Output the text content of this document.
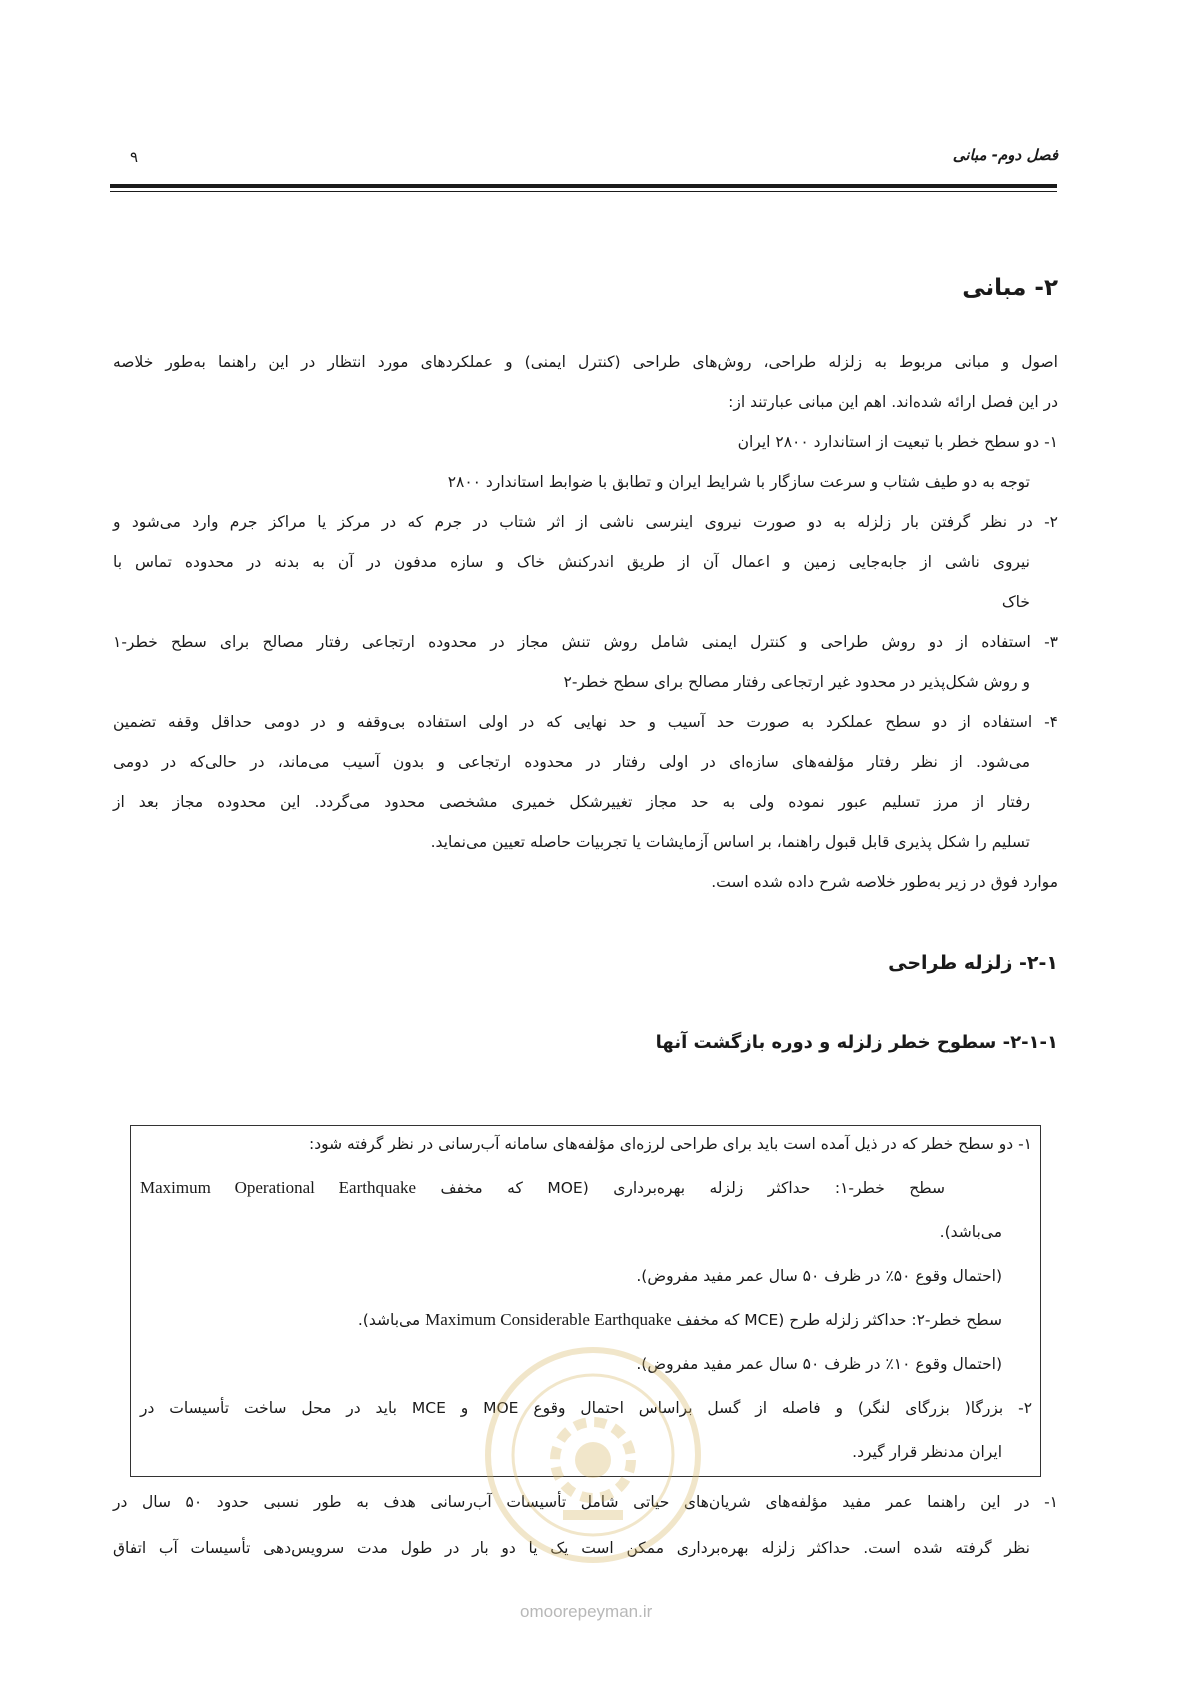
فصل دوم- مبانی
۹
۲- مبانی
اصول و مبانی مربوط به زلزله طراحی، روش‌های طراحی (کنترل ایمنی) و عملکردهای مورد انتظار در این راهنما به‌طور خلاصه
در این فصل ارائه شده‌اند. اهم این مبانی عبارتند از:
۱- دو سطح خطر با تبعیت از استاندارد ۲۸۰۰ ایران
توجه به دو طیف شتاب و سرعت سازگار با شرایط ایران و تطابق با ضوابط استاندارد ۲۸۰۰
۲- در نظر گرفتن بار زلزله به دو صورت نیروی اینرسی ناشی از اثر شتاب در جرم که در مرکز یا مراکز جرم وارد می‌شود و
نیروی ناشی از جابه‌جایی زمین و اعمال آن از طریق اندرکنش خاک و سازه مدفون در آن به بدنه در محدوده تماس با
خاک
۳- استفاده از دو روش طراحی و کنترل ایمنی شامل روش تنش مجاز در محدوده ارتجاعی رفتار مصالح برای سطح خطر-۱
و روش شکل‌پذیر در محدود غیر ارتجاعی رفتار مصالح برای سطح خطر-۲
۴- استفاده از دو سطح عملکرد به صورت حد آسیب و حد نهایی که در اولی استفاده بی‌وقفه و در دومی حداقل وقفه تضمین
می‌شود. از نظر رفتار مؤلفه‌های سازه‌ای در اولی رفتار در محدوده ارتجاعی و بدون آسیب می‌ماند، در حالی‌که در دومی
رفتار از مرز تسلیم عبور نموده ولی به حد مجاز تغییرشکل خمیری مشخصی محدود می‌گردد. این محدوده مجاز بعد از
تسلیم را شکل پذیری قابل قبول راهنما، بر اساس آزمایشات یا تجربیات حاصله تعیین می‌نماید.
موارد فوق در زیر به‌طور خلاصه شرح داده شده است.
۲-۱- زلزله طراحی
۲-۱-۱- سطوح خطر زلزله و دوره بازگشت آنها
۱- دو سطح خطر که در ذیل آمده است باید برای طراحی لرزه‌ای مؤلفه‌های سامانه آب‌رسانی در نظر گرفته شود:
سطح خطر-۱: حداکثر زلزله بهره‌برداری (MOE که مخفف Maximum Operational Earthquake
می‌باشد).
(احتمال وقوع ۵۰٪ در ظرف ۵۰ سال عمر مفید مفروض).
سطح خطر-۲: حداکثر زلزله طرح (MCE که مخفف Maximum Considerable Earthquake می‌باشد).
(احتمال وقوع ۱۰٪ در ظرف ۵۰ سال عمر مفید مفروض).
۲- بزرگا( بزرگای لنگر) و فاصله از گسل براساس احتمال وقوع MOE و MCE باید در محل ساخت تأسیسات در
ایران مدنظر قرار گیرد.
۱- در این راهنما عمر مفید مؤلفه‌های شریان‌های حیاتی شامل تأسیسات آب‌رسانی هدف به طور نسبی حدود ۵۰ سال در
نظر گرفته شده است. حداکثر زلزله بهره‌برداری ممکن است یک یا دو بار در طول مدت سرویس‌دهی تأسیسات آب اتفاق
omoorepeyman.ir
